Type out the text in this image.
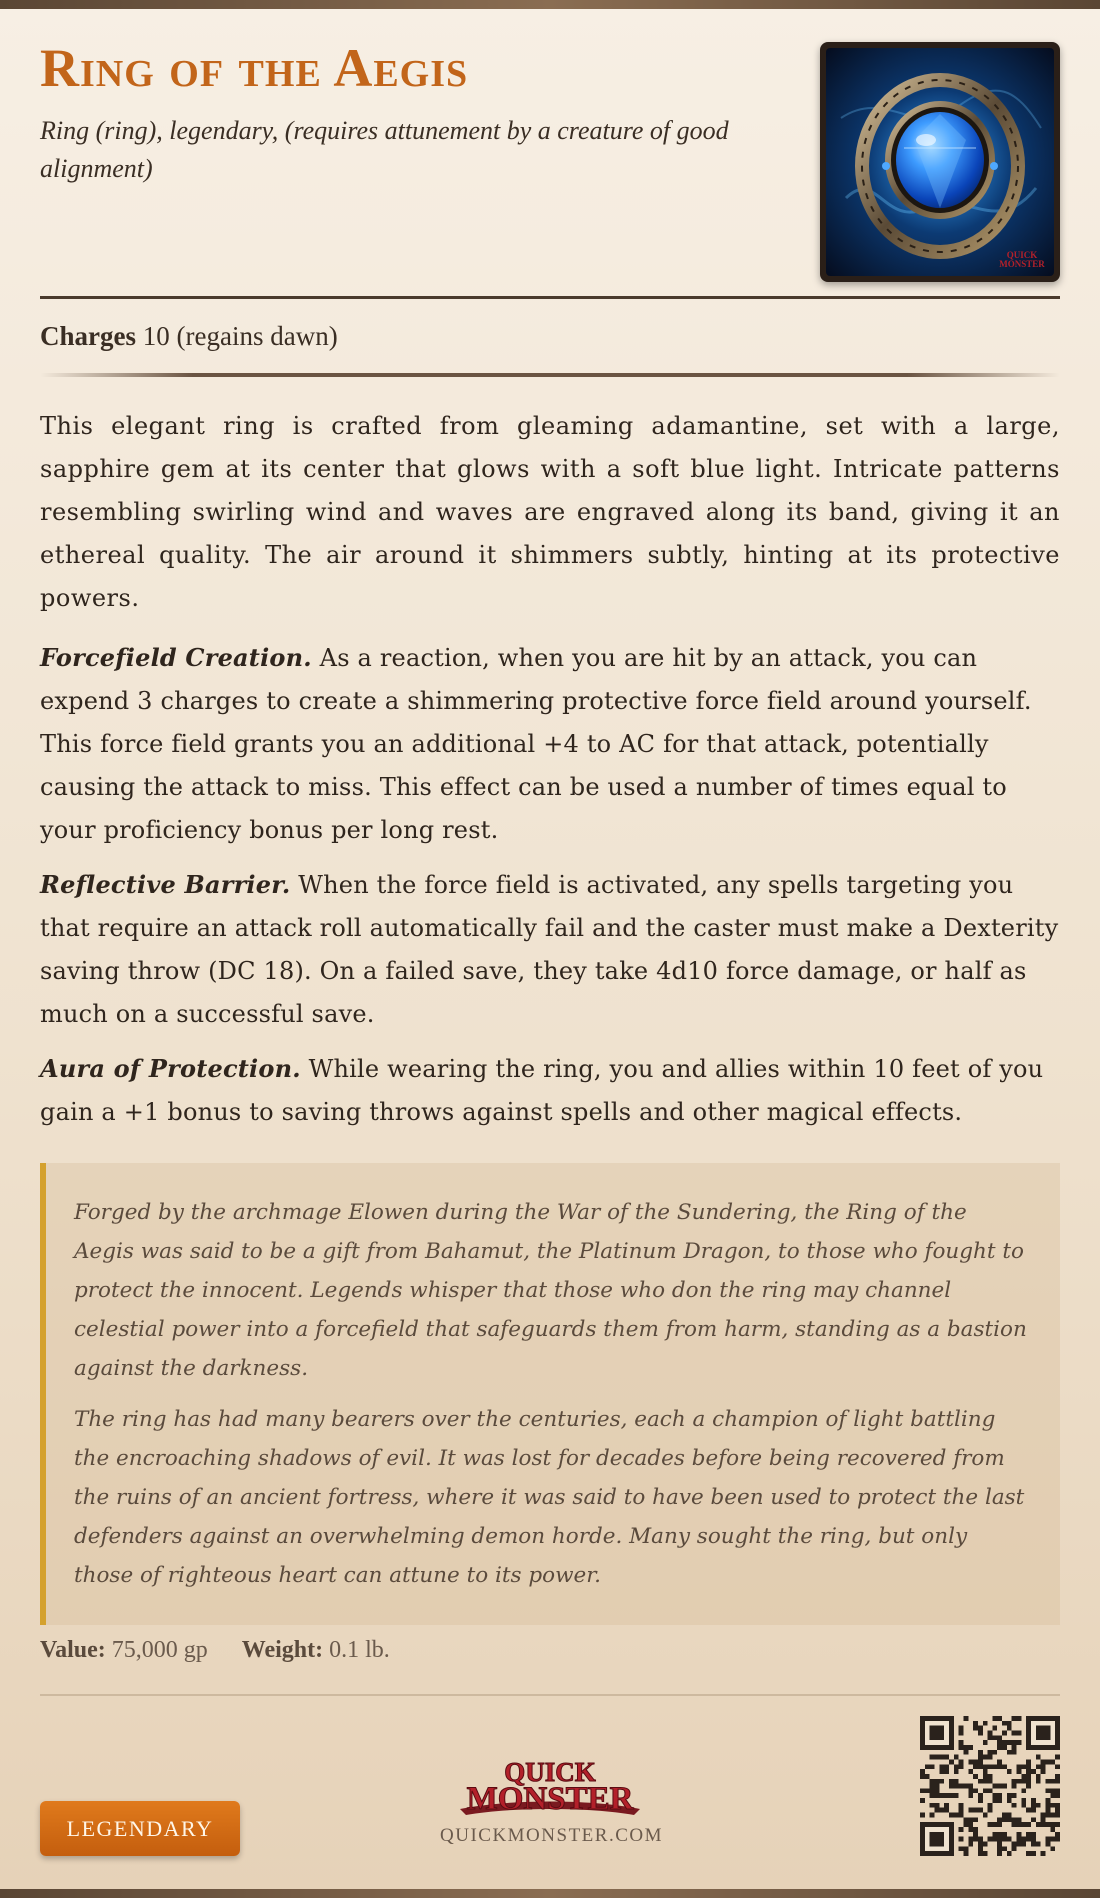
Ring of the Aegis
Ring (ring), legendary, (requires attunement by a creature of good alignment)
QUICK
MONSTER
Charges 10 (regains dawn)

This elegant ring is crafted from gleaming adamantine, set with a large, sapphire gem at its center that glows with a soft blue light. Intricate patterns resembling swirling wind and waves are engraved along its band, giving it an ethereal quality. The air around it shimmers subtly, hinting at its protective powers.

Forcefield Creation. As a reaction, when you are hit by an attack, you can expend 3 charges to create a shimmering protective force field around yourself. This force field grants you an additional +4 to AC for that attack, potentially causing the attack to miss. This effect can be used a number of times equal to your proficiency bonus per long rest.

Reflective Barrier. When the force field is activated, any spells targeting you that require an attack roll automatically fail and the caster must make a Dexterity saving throw (DC 18). On a failed save, they take 4d10 force damage, or half as much on a successful save.

Aura of Protection. While wearing the ring, you and allies within 10 feet of you gain a +1 bonus to saving throws against spells and other magical effects.

Forged by the archmage Elowen during the War of the Sundering, the Ring of the Aegis was said to be a gift from Bahamut, the Platinum Dragon, to those who fought to protect the innocent. Legends whisper that those who don the ring may channel celestial power into a forcefield that safeguards them from harm, standing as a bastion against the darkness.

The ring has had many bearers over the centuries, each a champion of light battling the encroaching shadows of evil. It was lost for decades before being recovered from the ruins of an ancient fortress, where it was said to have been used to protect the last defenders against an overwhelming demon horde. Many sought the ring, but only those of righteous heart can attune to its power.

Value: 75,000 gp Weight: 0.1 lb.
LEGENDARY
QUICK
MONSTER
QUICKMONSTER.COM
